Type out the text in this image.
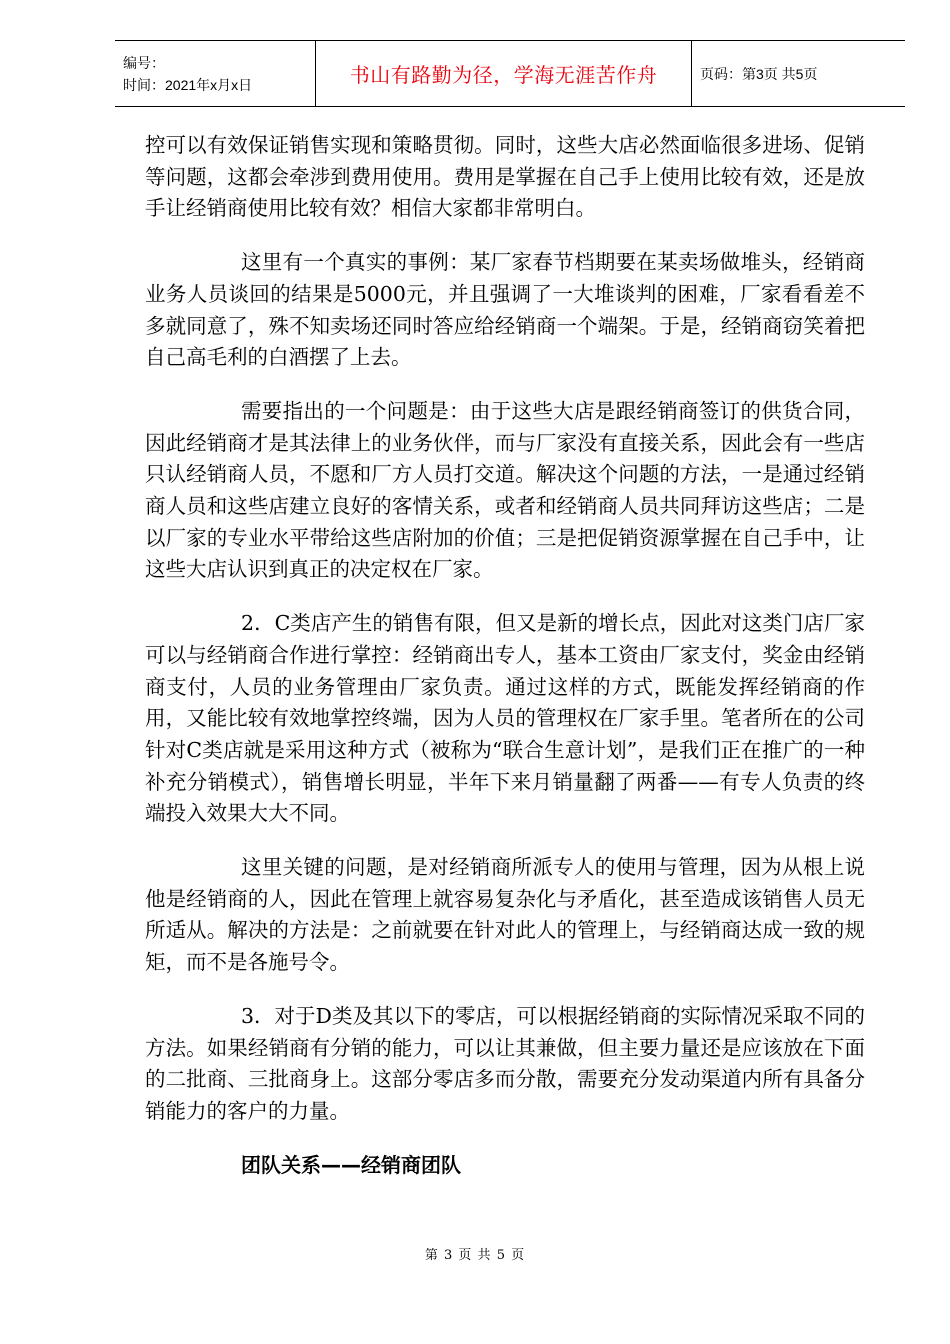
编号：
时间：2021年x月x日	书山有路勤为径，学海无涯苦作舟	页码：第3页 共5页

控可以有效保证销售实现和策略贯彻。同时，这些大店必然面临很多进场、促销等问题，这都会牵涉到费用使用。费用是掌握在自己手上使用比较有效，还是放手让经销商使用比较有效？相信大家都非常明白。

这里有一个真实的事例：某厂家春节档期要在某卖场做堆头，经销商业务人员谈回的结果是5000元，并且强调了一大堆谈判的困难，厂家看看差不多就同意了，殊不知卖场还同时答应给经销商一个端架。于是，经销商窃笑着把自己高毛利的白酒摆了上去。

需要指出的一个问题是：由于这些大店是跟经销商签订的供货合同，因此经销商才是其法律上的业务伙伴，而与厂家没有直接关系，因此会有一些店只认经销商人员，不愿和厂方人员打交道。解决这个问题的方法，一是通过经销商人员和这些店建立良好的客情关系，或者和经销商人员共同拜访这些店；二是以厂家的专业水平带给这些店附加的价值；三是把促销资源掌握在自己手中，让这些大店认识到真正的决定权在厂家。

2．C类店产生的销售有限，但又是新的增长点，因此对这类门店厂家可以与经销商合作进行掌控：经销商出专人，基本工资由厂家支付，奖金由经销商支付，人员的业务管理由厂家负责。通过这样的方式，既能发挥经销商的作用，又能比较有效地掌控终端，因为人员的管理权在厂家手里。笔者所在的公司针对C类店就是采用这种方式（被称为“联合生意计划”，是我们正在推广的一种补充分销模式），销售增长明显，半年下来月销量翻了两番——有专人负责的终端投入效果大大不同。

这里关键的问题，是对经销商所派专人的使用与管理，因为从根上说他是经销商的人，因此在管理上就容易复杂化与矛盾化，甚至造成该销售人员无所适从。解决的方法是：之前就要在针对此人的管理上，与经销商达成一致的规矩，而不是各施号令。

3．对于D类及其以下的零店，可以根据经销商的实际情况采取不同的方法。如果经销商有分销的能力，可以让其兼做，但主要力量还是应该放在下面的二批商、三批商身上。这部分零店多而分散，需要充分发动渠道内所有具备分销能力的客户的力量。

团队关系——经销商团队
第 3 页 共 5 页
